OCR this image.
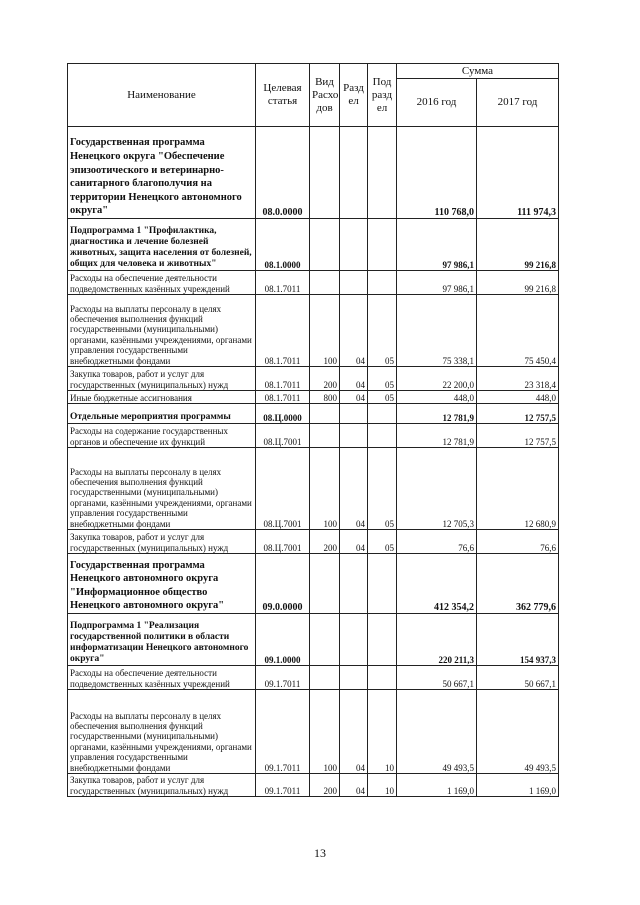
Наименование	Целевая статья	Вид Расхо дов	Разд ел	Под разд ел	Сумма	
					2016 год	2017 год
Государственная программа Ненецкого округа "Обеспечение эпизоотического и ветеринарно-санитарного благополучия на территории Ненецкого автономного округа"	08.0.0000				110 768,0	111 974,3
Подпрограмма 1 "Профилактика, диагностика и лечение болезней животных, защита населения от болезней, общих для человека и животных"	08.1.0000				97 986,1	99 216,8
Расходы на обеспечение деятельности подведомственных казённых учреждений	08.1.7011				97 986,1	99 216,8
Расходы на выплаты персоналу в целях обеспечения выполнения функций государственными (муниципальными) органами, казёнными учреждениями, органами управления государственными внебюджетными фондами	08.1.7011	100	04	05	75 338,1	75 450,4
Закупка товаров, работ и услуг для государственных (муниципальных) нужд	08.1.7011	200	04	05	22 200,0	23 318,4
Иные бюджетные ассигнования	08.1.7011	800	04	05	448,0	448,0
Отдельные мероприятия программы	08.Ц.0000				12 781,9	12 757,5
Расходы на содержание государственных органов и обеспечение их функций	08.Ц.7001				12 781,9	12 757,5
Расходы на выплаты персоналу в целях обеспечения выполнения функций государственными (муниципальными) органами, казёнными учреждениями, органами управления государственными внебюджетными фондами	08.Ц.7001	100	04	05	12 705,3	12 680,9
Закупка товаров, работ и услуг для государственных (муниципальных) нужд	08.Ц.7001	200	04	05	76,6	76,6
Государственная программа Ненецкого автономного округа "Информационное общество Ненецкого автономного округа"	09.0.0000				412 354,2	362 779,6
Подпрограмма 1 "Реализация государственной политики в области информатизации Ненецкого автономного округа"	09.1.0000				220 211,3	154 937,3
Расходы на обеспечение деятельности подведомственных казённых учреждений	09.1.7011				50 667,1	50 667,1
Расходы на выплаты персоналу в целях обеспечения выполнения функций государственными (муниципальными) органами, казёнными учреждениями, органами управления государственными внебюджетными фондами	09.1.7011	100	04	10	49 493,5	49 493,5
Закупка товаров, работ и услуг для государственных (муниципальных) нужд	09.1.7011	200	04	10	1 169,0	1 169,0
13
